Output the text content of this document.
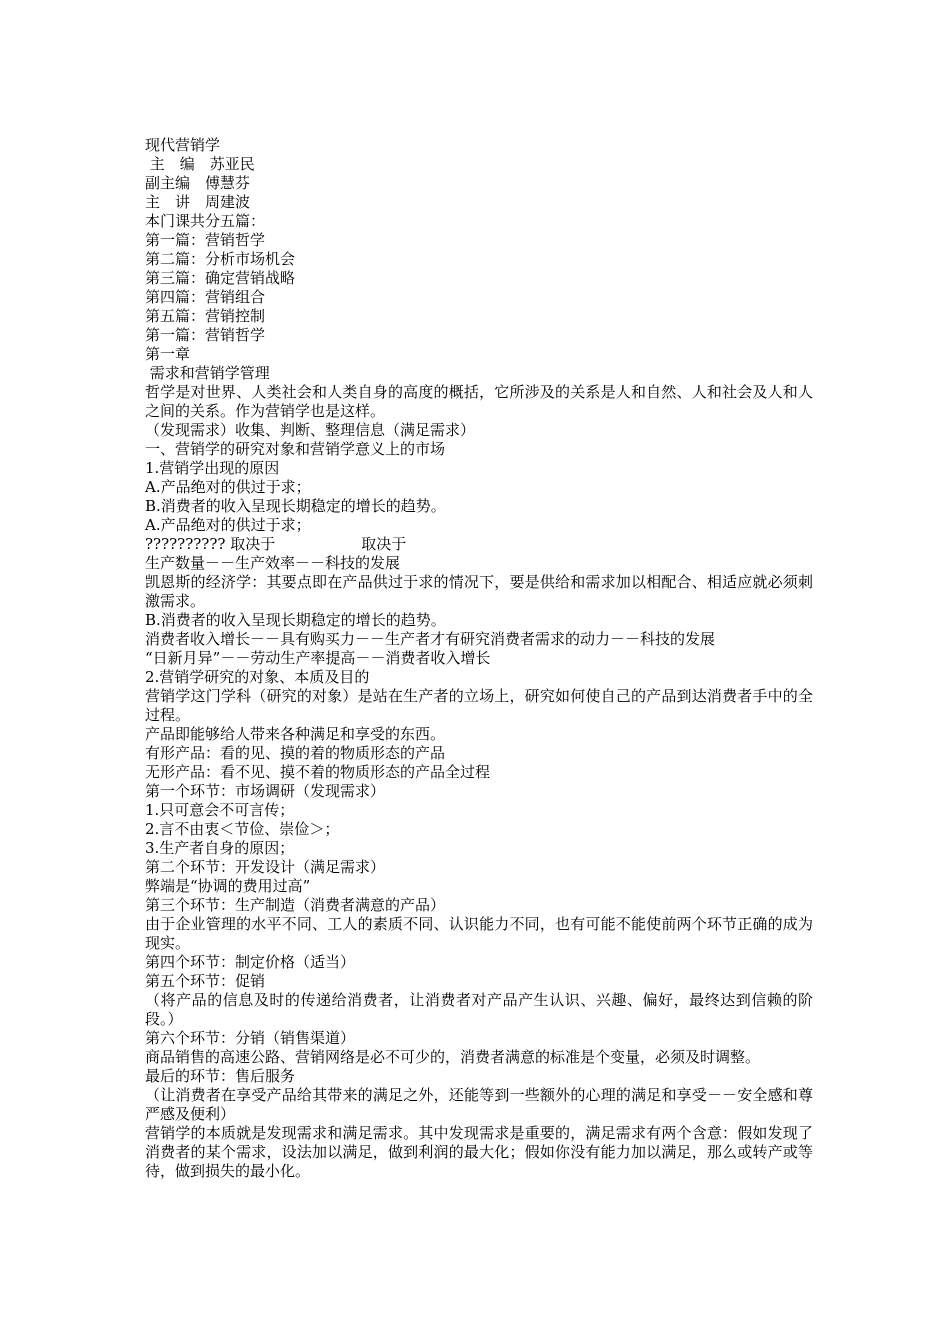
现代营销学

主　编　苏亚民

副主编　傅慧芬

主　讲　周建波

本门课共分五篇：

第一篇：营销哲学

第二篇：分析市场机会

第三篇：确定营销战略

第四篇：营销组合

第五篇：营销控制

第一篇：营销哲学

第一章

需求和营销学管理

哲学是对世界、人类社会和人类自身的高度的概括，它所涉及的关系是人和自然、人和社会及人和人之间的关系。作为营销学也是这样。

（发现需求）收集、判断、整理信息（满足需求）

一、营销学的研究对象和营销学意义上的市场

1.营销学出现的原因

A.产品绝对的供过于求；

B.消费者的收入呈现长期稳定的增长的趋势。

A.产品绝对的供过于求；

?????????? 取决于	取决于

生产数量－－生产效率－－科技的发展

凯恩斯的经济学：其要点即在产品供过于求的情况下，要是供给和需求加以相配合、相适应就必须刺激需求。

B.消费者的收入呈现长期稳定的增长的趋势。

消费者收入增长－－具有购买力－－生产者才有研究消费者需求的动力－－科技的发展

“日新月异”－－劳动生产率提高－－消费者收入增长

2.营销学研究的对象、本质及目的

营销学这门学科（研究的对象）是站在生产者的立场上，研究如何使自己的产品到达消费者手中的全过程。

产品即能够给人带来各种满足和享受的东西。

有形产品：看的见、摸的着的物质形态的产品

无形产品：看不见、摸不着的物质形态的产品全过程

第一个环节：市场调研（发现需求）

1.只可意会不可言传；

2.言不由衷＜节俭、崇俭＞；

3.生产者自身的原因；

第二个环节：开发设计（满足需求）

弊端是“协调的费用过高”

第三个环节：生产制造（消费者满意的产品）

由于企业管理的水平不同、工人的素质不同、认识能力不同，也有可能不能使前两个环节正确的成为现实。

第四个环节：制定价格（适当）

第五个环节：促销

（将产品的信息及时的传递给消费者，让消费者对产品产生认识、兴趣、偏好，最终达到信赖的阶段。）

第六个环节：分销（销售渠道）

商品销售的高速公路、营销网络是必不可少的，消费者满意的标准是个变量，必须及时调整。

最后的环节：售后服务

（让消费者在享受产品给其带来的满足之外，还能等到一些额外的心理的满足和享受－－安全感和尊严感及便利）

营销学的本质就是发现需求和满足需求。其中发现需求是重要的，满足需求有两个含意：假如发现了消费者的某个需求，设法加以满足，做到利润的最大化；假如你没有能力加以满足，那么或转产或等待，做到损失的最小化。
